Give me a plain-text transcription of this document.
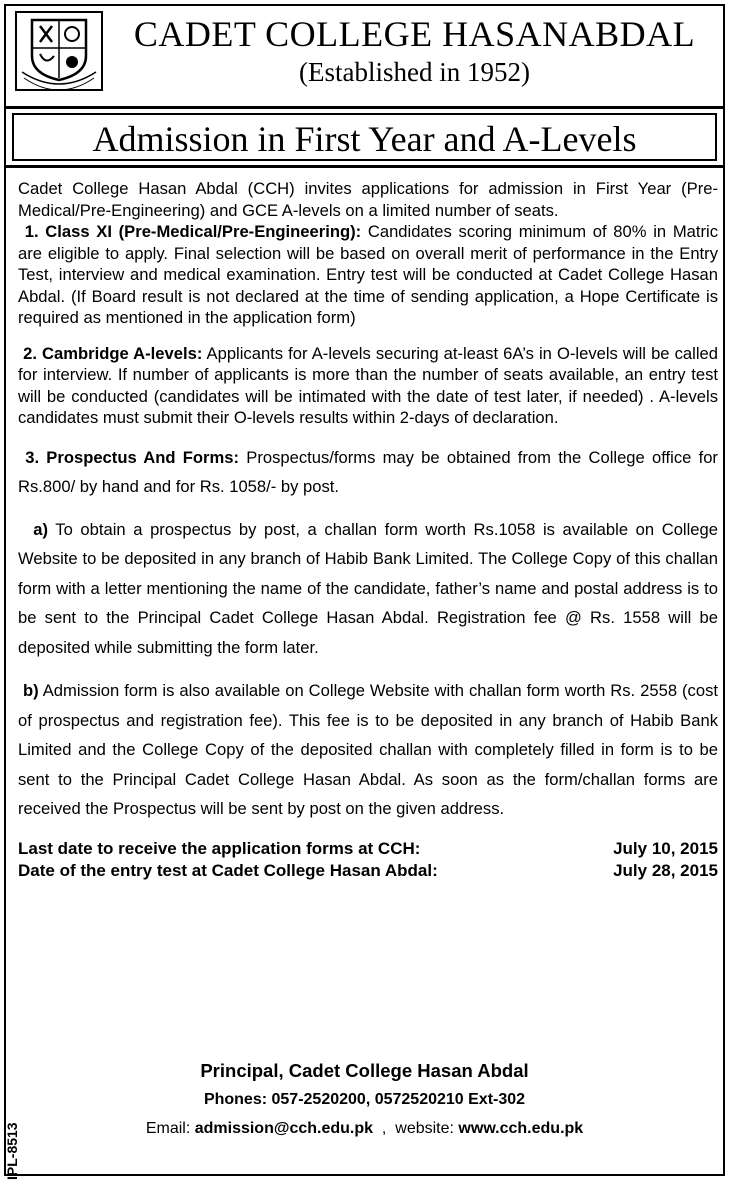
CADET COLLEGE HASANABDAL
(Established in 1952)
Admission in First Year and A-Levels

Cadet College Hasan Abdal (CCH) invites applications for admission in First Year (Pre-Medical/Pre-Engineering) and GCE A-levels on a limited number of seats.

1. Class XI (Pre-Medical/Pre-Engineering): Candidates scoring minimum of 80% in Matric are eligible to apply. Final selection will be based on overall merit of performance in the Entry Test, interview and medical examination. Entry test will be conducted at Cadet College Hasan Abdal. (If Board result is not declared at the time of sending application, a Hope Certificate is required as mentioned in the application form)

2. Cambridge A-levels: Applicants for A-levels securing at-least 6A’s in O-levels will be called for interview. If number of applicants is more than the number of seats available, an entry test will be conducted (candidates will be intimated with the date of test later, if needed) . A-levels candidates must submit their O-levels results within 2-days of declaration.

3. Prospectus And Forms: Prospectus/forms may be obtained from the College office for Rs.800/ by hand and for Rs. 1058/- by post.

a) To obtain a prospectus by post, a challan form worth Rs.1058 is available on College Website to be deposited in any branch of Habib Bank Limited. The College Copy of this challan form with a letter mentioning the name of the candidate, father’s name and postal address is to be sent to the Principal Cadet College Hasan Abdal. Registration fee @ Rs. 1558 will be deposited while submitting the form later.

b) Admission form is also available on College Website with challan form worth Rs. 2558 (cost of prospectus and registration fee). This fee is to be deposited in any branch of Habib Bank Limited and the College Copy of the deposited challan with completely filled in form is to be sent to the Principal Cadet College Hasan Abdal. As soon as the form/challan forms are received the Prospectus will be sent by post on the given address.

Last date to receive the application forms at CCH:	July 10, 2015
Date of the entry test at Cadet College Hasan Abdal:	July 28, 2015
Principal, Cadet College Hasan Abdal
Phones: 057-2520200, 0572520210 Ext-302
Email: admission@cch.edu.pk , website: www.cch.edu.pk
IPL-8513
